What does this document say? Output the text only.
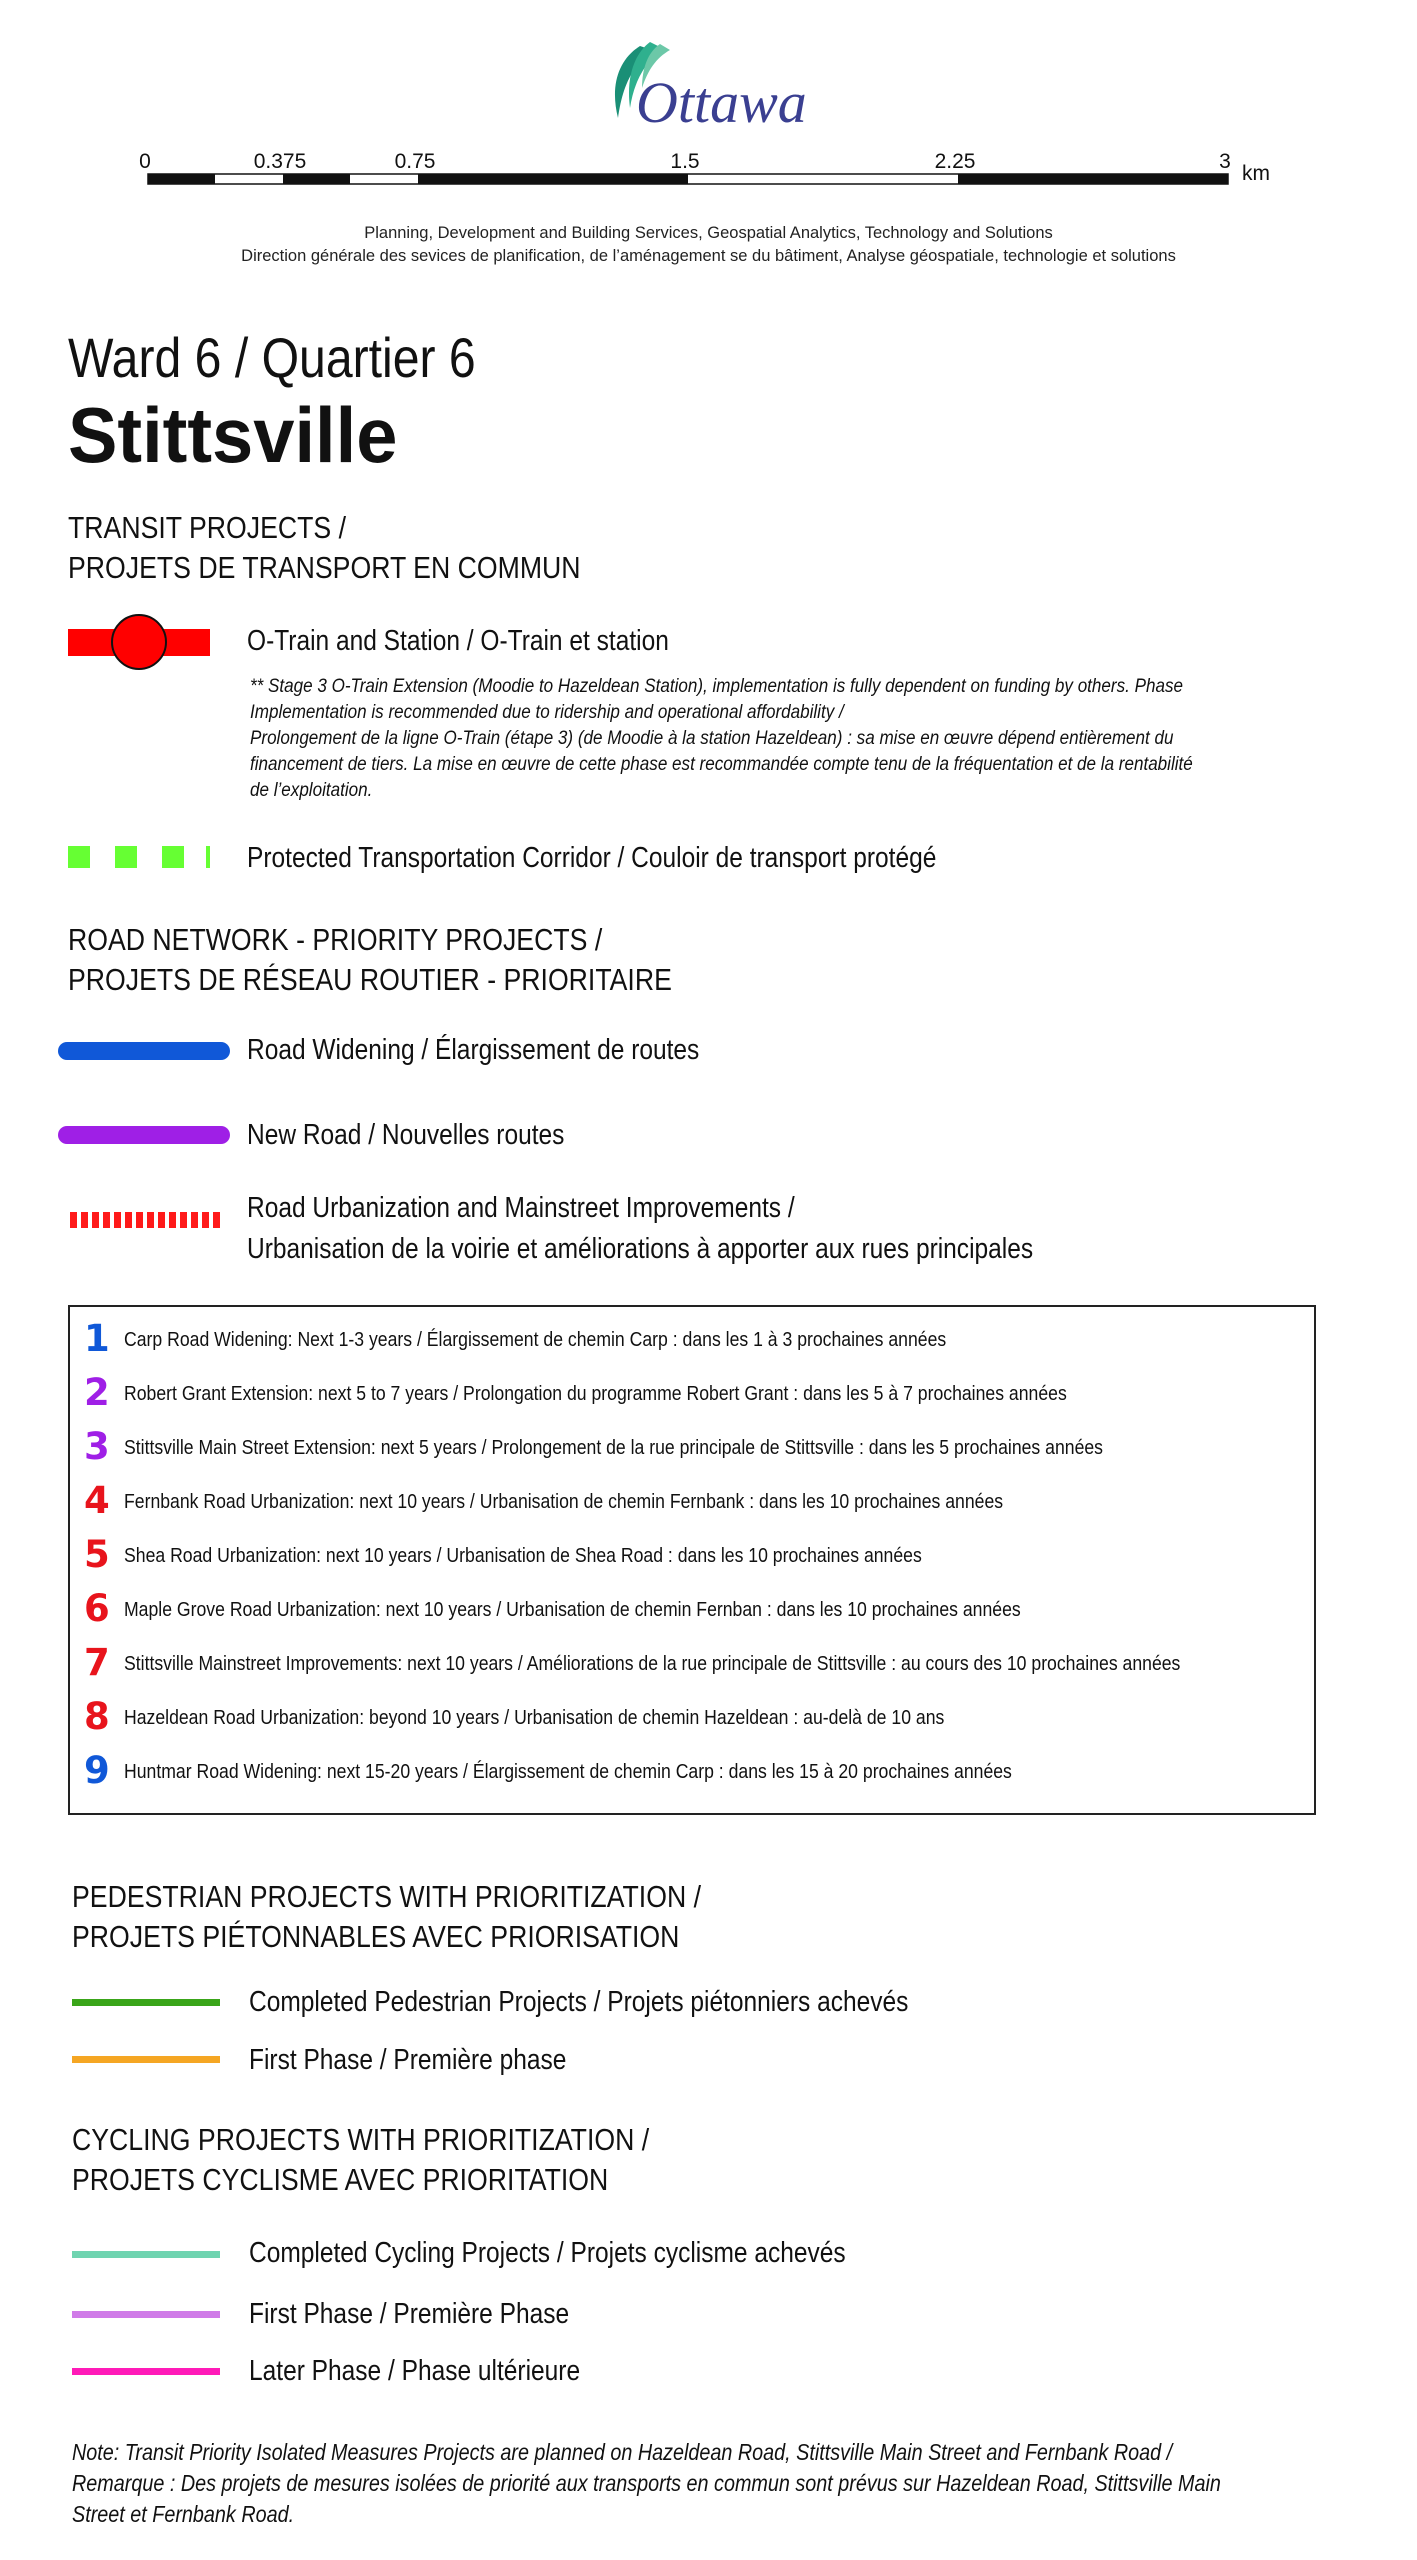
Ottawa
0	0.375	0.75	1.5	2.25	3
km
Planning, Development and Building Services, Geospatial Analytics, Technology and Solutions
Direction générale des sevices de planification, de l’aménagement se du bâtiment, Analyse géospatiale, technologie et solutions
Ward 6 / Quartier 6
Stittsville
TRANSIT PROJECTS /
PROJETS DE TRANSPORT EN COMMUN
O-Train and Station / O-Train et station
** Stage 3 O-Train Extension (Moodie to Hazeldean Station), implementation is fully dependent on funding by others. Phase
Implementation is recommended due to ridership and operational affordability /
Prolongement de la ligne O-Train (étape 3) (de Moodie à la station Hazeldean) : sa mise en œuvre dépend entièrement du
financement de tiers. La mise en œuvre de cette phase est recommandée compte tenu de la fréquentation et de la rentabilité
de l’exploitation.
Protected Transportation Corridor / Couloir de transport protégé
ROAD NETWORK - PRIORITY PROJECTS /
PROJETS DE RÉSEAU ROUTIER - PRIORITAIRE
Road Widening / Élargissement de routes
New Road / Nouvelles routes
Road Urbanization and Mainstreet Improvements /
Urbanisation de la voirie et améliorations à apporter aux rues principales
1 Carp Road Widening: Next 1-3 years / Élargissement de chemin Carp : dans les 1 à 3 prochaines années
2 Robert Grant Extension: next 5 to 7 years / Prolongation du programme Robert Grant : dans les 5 à 7 prochaines années
3 Stittsville Main Street Extension: next 5 years / Prolongement de la rue principale de Stittsville : dans les 5 prochaines années
4 Fernbank Road Urbanization: next 10 years / Urbanisation de chemin Fernbank : dans les 10 prochaines années
5 Shea Road Urbanization: next 10 years / Urbanisation de Shea Road : dans les 10 prochaines années
6 Maple Grove Road Urbanization: next 10 years / Urbanisation de chemin Fernban : dans les 10 prochaines années
7 Stittsville Mainstreet Improvements: next 10 years / Améliorations de la rue principale de Stittsville : au cours des 10 prochaines années
8 Hazeldean Road Urbanization: beyond 10 years / Urbanisation de chemin Hazeldean : au-delà de 10 ans
9 Huntmar Road Widening: next 15-20 years / Élargissement de chemin Carp : dans les 15 à 20 prochaines années
PEDESTRIAN PROJECTS WITH PRIORITIZATION /
PROJETS PIÉTONNABLES AVEC PRIORISATION
Completed Pedestrian Projects / Projets piétonniers achevés
First Phase / Première phase
CYCLING PROJECTS WITH PRIORITIZATION /
PROJETS CYCLISME AVEC PRIORITATION
Completed Cycling Projects / Projets cyclisme achevés
First Phase / Première Phase
Later Phase / Phase ultérieure
Note: Transit Priority Isolated Measures Projects are planned on Hazeldean Road, Stittsville Main Street and Fernbank Road /
Remarque : Des projets de mesures isolées de priorité aux transports en commun sont prévus sur Hazeldean Road, Stittsville Main
Street et Fernbank Road.
